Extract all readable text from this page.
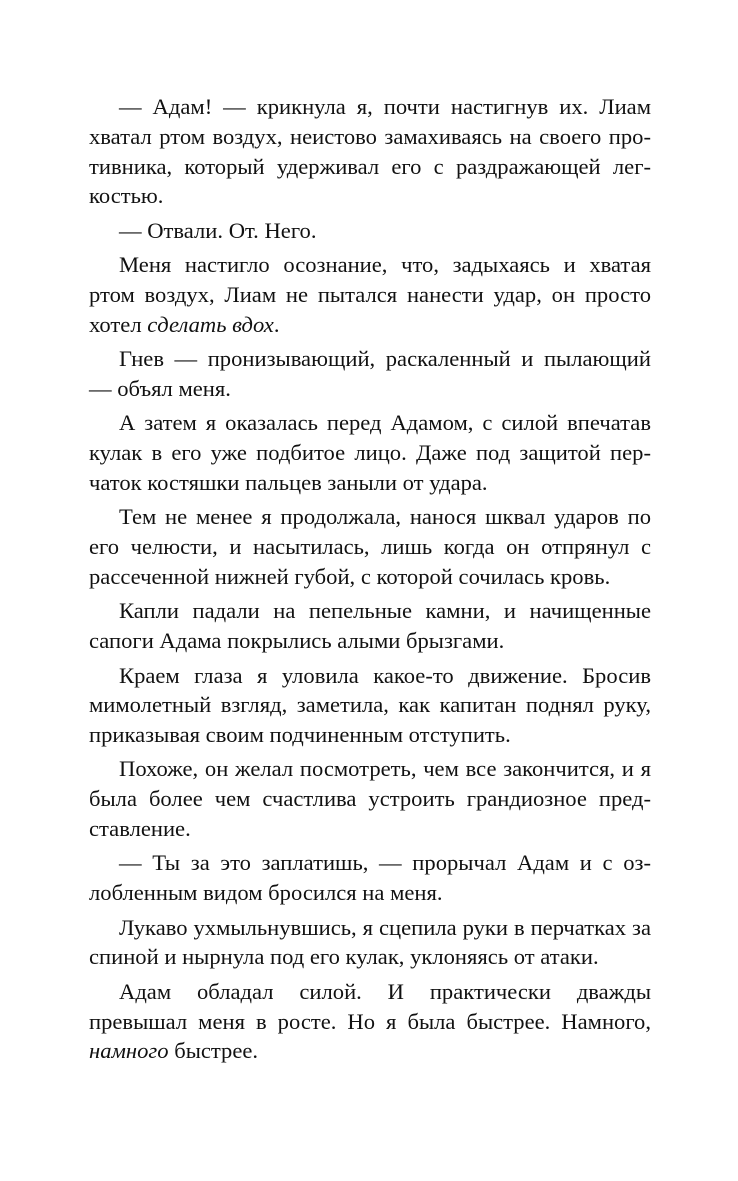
— Адам! — крикнула я, почти настигнув их. Лиам хватал ртом воздух, неистово замахиваясь на своего противника, который удерживал его с раздражающей легкостью.

— Отвали. От. Него.

Меня настигло осознание, что, задыхаясь и хватая ртом воздух, Лиам не пытался нанести удар, он просто хотел сделать вдох.

Гнев — пронизывающий, раскаленный и пылающий — объял меня.

А затем я оказалась перед Адамом, с силой впечатав кулак в его уже подбитое лицо. Даже под защитой перчаток костяшки пальцев заныли от удара.

Тем не менее я продолжала, нанося шквал ударов по его челюсти, и насытилась, лишь когда он отпрянул с рассеченной нижней губой, с которой сочилась кровь.

Капли падали на пепельные камни, и начищенные сапоги Адама покрылись алыми брызгами.

Краем глаза я уловила какое-то движение. Бросив мимолетный взгляд, заметила, как капитан поднял руку, приказывая своим подчиненным отступить.

Похоже, он желал посмотреть, чем все закончится, и я была более чем счастлива устроить грандиозное представление.

— Ты за это заплатишь, — прорычал Адам и с озлобленным видом бросился на меня.

Лукаво ухмыльнувшись, я сцепила руки в перчатках за спиной и нырнула под его кулак, уклоняясь от атаки.

Адам обладал силой. И практически дважды превышал меня в росте. Но я была быстрее. Намного, намного быстрее.
